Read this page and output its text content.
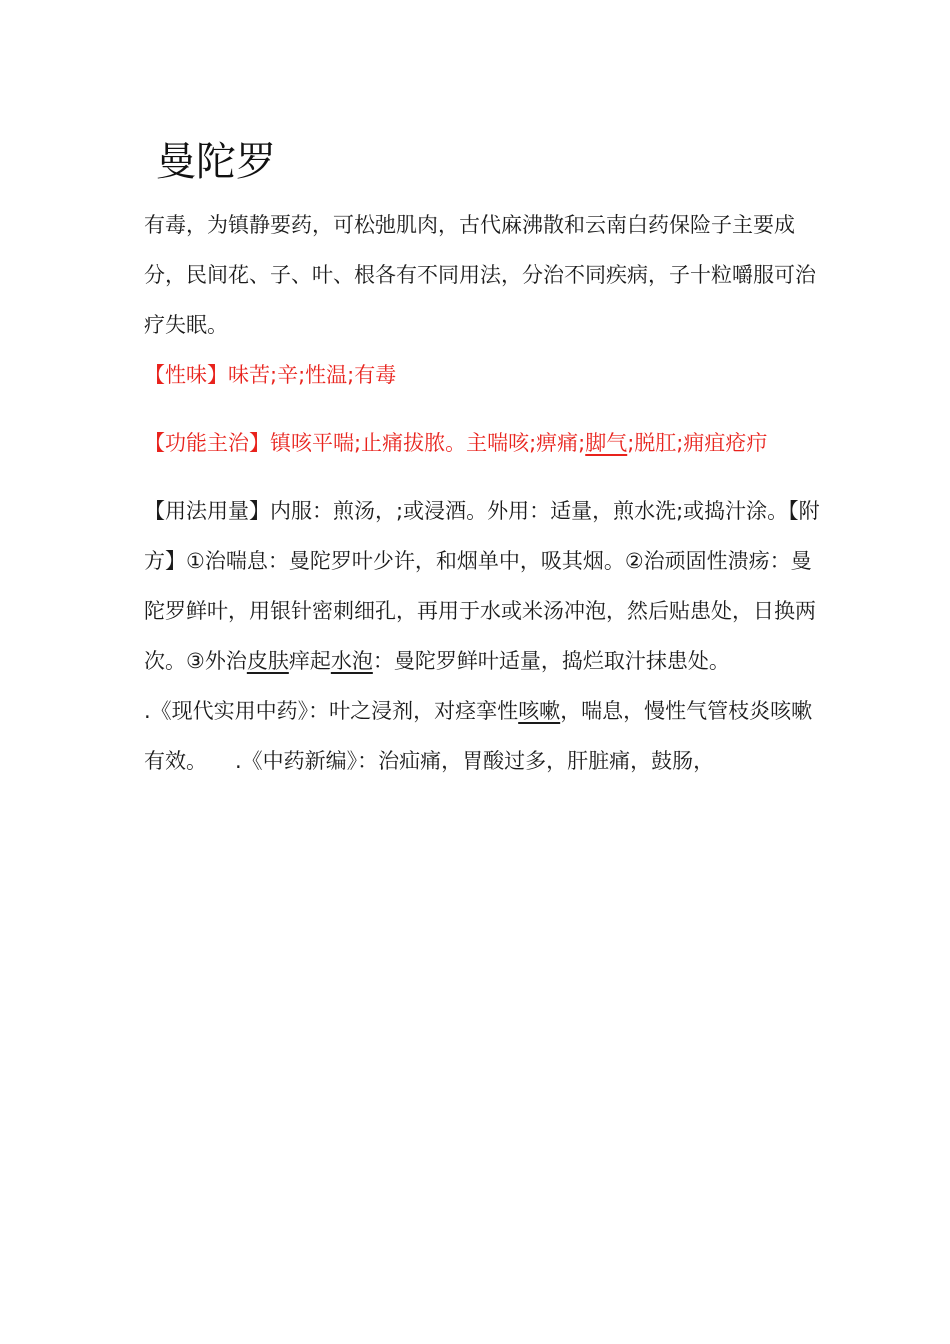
曼陀罗

有毒，为镇静要药，可松弛肌肉，古代麻沸散和云南白药保险子主要成分，民间花、子、叶、根各有不同用法，分治不同疾病，子十粒嚼服可治疗失眠。

【性味】味苦;辛;性温;有毒

【功能主治】镇咳平喘;止痛拔脓。主喘咳;痹痛;脚气;脱肛;痈疽疮疖

【用法用量】内服：煎汤，;或浸酒。外用：适量，煎水洗;或捣汁涂。【附方】①治喘息：曼陀罗叶少许，和烟单中，吸其烟。②治顽固性溃疡：曼陀罗鲜叶，用银针密刺细孔，再用于水或米汤冲泡，然后贴患处，日换两次。③外治皮肤痒起水泡：曼陀罗鲜叶适量，捣烂取汁抹患处。

.《现代实用中药》：叶之浸剂，对痉挛性咳嗽，喘息，慢性气管枝炎咳嗽有效。 .《中药新编》：治疝痛，胃酸过多，肝脏痛，鼓肠，
